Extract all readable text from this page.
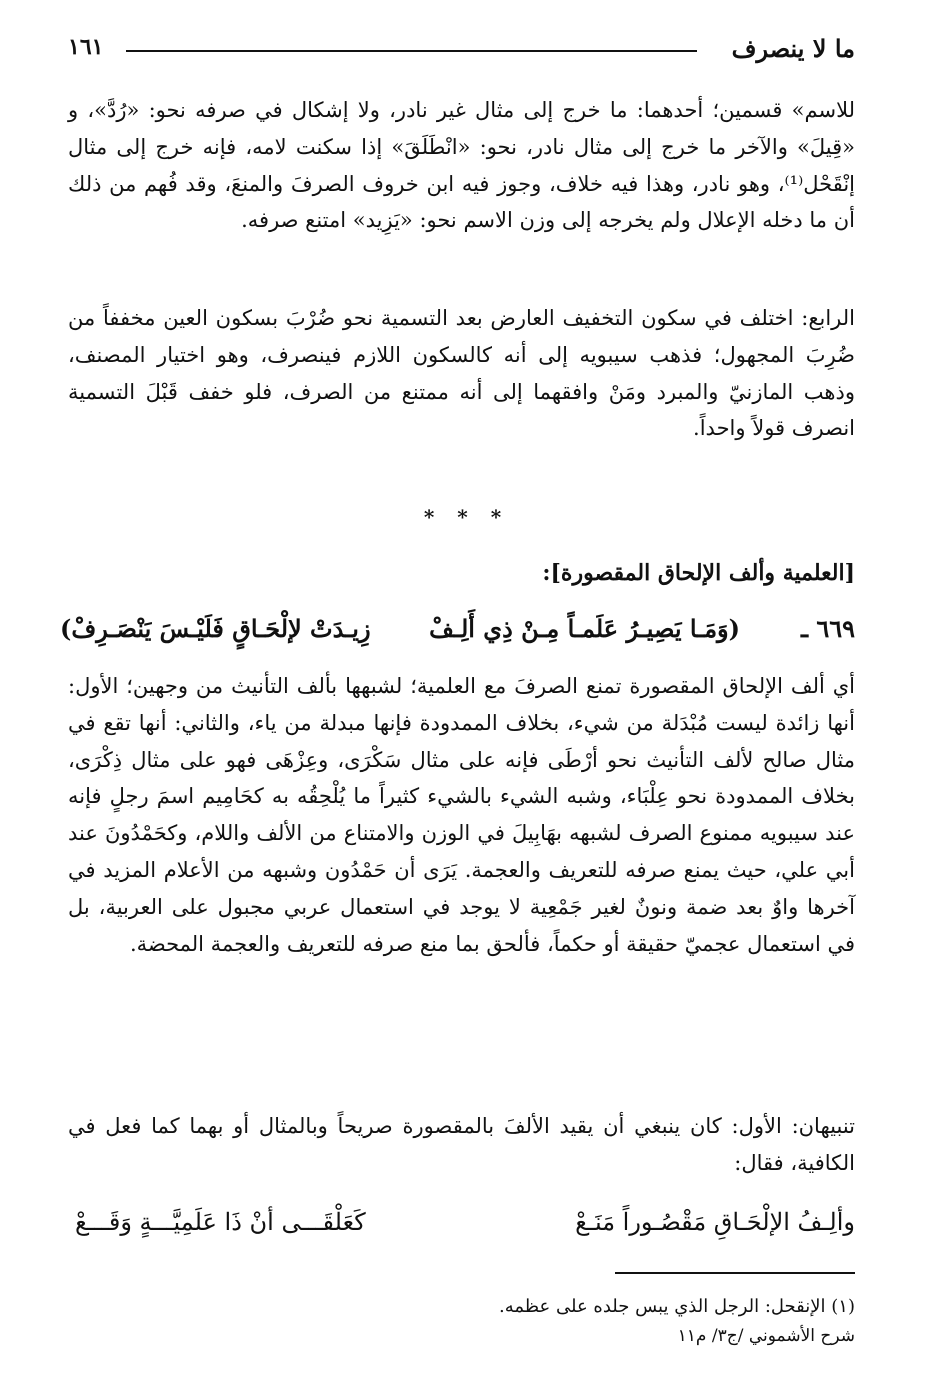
ما لا ينصرف
١٦١

للاسم» قسمين؛ أحدهما: ما خرج إلى مثال غير نادر، ولا إشكال في صرفه نحو: «رُدَّ»، و «قِيلَ» والآخر ما خرج إلى مثال نادر، نحو: «انْطَلَقَ» إذا سكنت لامه، فإنه خرج إلى مثال إنْقَحْل⁽¹⁾، وهو نادر، وهذا فيه خلاف، وجوز فيه ابن خروف الصرفَ والمنعَ، وقد فُهم من ذلك أن ما دخله الإعلال ولم يخرجه إلى وزن الاسم نحو: «يَزِيد» امتنع صرفه.

الرابع: اختلف في سكون التخفيف العارض بعد التسمية نحو ضُرْبَ بسكون العين مخففاً من ضُرِبَ المجهول؛ فذهب سيبويه إلى أنه كالسكون اللازم فينصرف، وهو اختيار المصنف، وذهب المازنيّ والمبرد ومَنْ وافقهما إلى أنه ممتنع من الصرف، فلو خفف قَبْلَ التسمية انصرف قولاً واحداً.

* * *
[العلمية وألف الإلحاق المقصورة]:
٦٦٩ ـ
(وَمَـا يَصِيـرُ عَلَمـاً مِـنْ ذِي أَلِـفْ
زِيـدَتْ لإلْحَـاقٍ فَلَيْـسَ يَنْصَـرِفْ)

أي ألف الإلحاق المقصورة تمنع الصرفَ مع العلمية؛ لشبهها بألف التأنيث من وجهين؛ الأول: أنها زائدة ليست مُبْدَلة من شيء، بخلاف الممدودة فإنها مبدلة من ياء، والثاني: أنها تقع في مثال صالح لألف التأنيث نحو أرْطَى فإنه على مثال سَكْرَى، وعِزْهَى فهو على مثال ذِكْرَى، بخلاف الممدودة نحو عِلْبَاء، وشبه الشيء بالشيء كثيراً ما يُلْحِقُه به كحَامِيم اسمَ رجلٍ فإنه عند سيبويه ممنوع الصرف لشبهه بهَابِيلَ في الوزن والامتناع من الألف واللام، وكحَمْدُونَ عند أبي علي، حيث يمنع صرفه للتعريف والعجمة. يَرَى أن حَمْدُون وشبهه من الأعلام المزيد في آخرها واوٌ بعد ضمة ونونٌ لغير جَمْعِية لا يوجد في استعمال عربي مجبول على العربية، بل في استعمال عجميّ حقيقة أو حكماً، فألحق بما منع صرفه للتعريف والعجمة المحضة.

تنبيهان: الأول: كان ينبغي أن يقيد الألفَ بالمقصورة صريحاً وبالمثال أو بهما كما فعل في الكافية، فقال:

وألِـفُ الإلْحَـاقِ مَقْصُـوراً مَنَـعْ
كَعَلْقَـــى أنْ ذَا عَلَمِيَّـــةٍ وَقَـــعْ
(١) الإنقحل: الرجل الذي يبس جلده على عظمه.
شرح الأشموني /ج٣/ م١١
